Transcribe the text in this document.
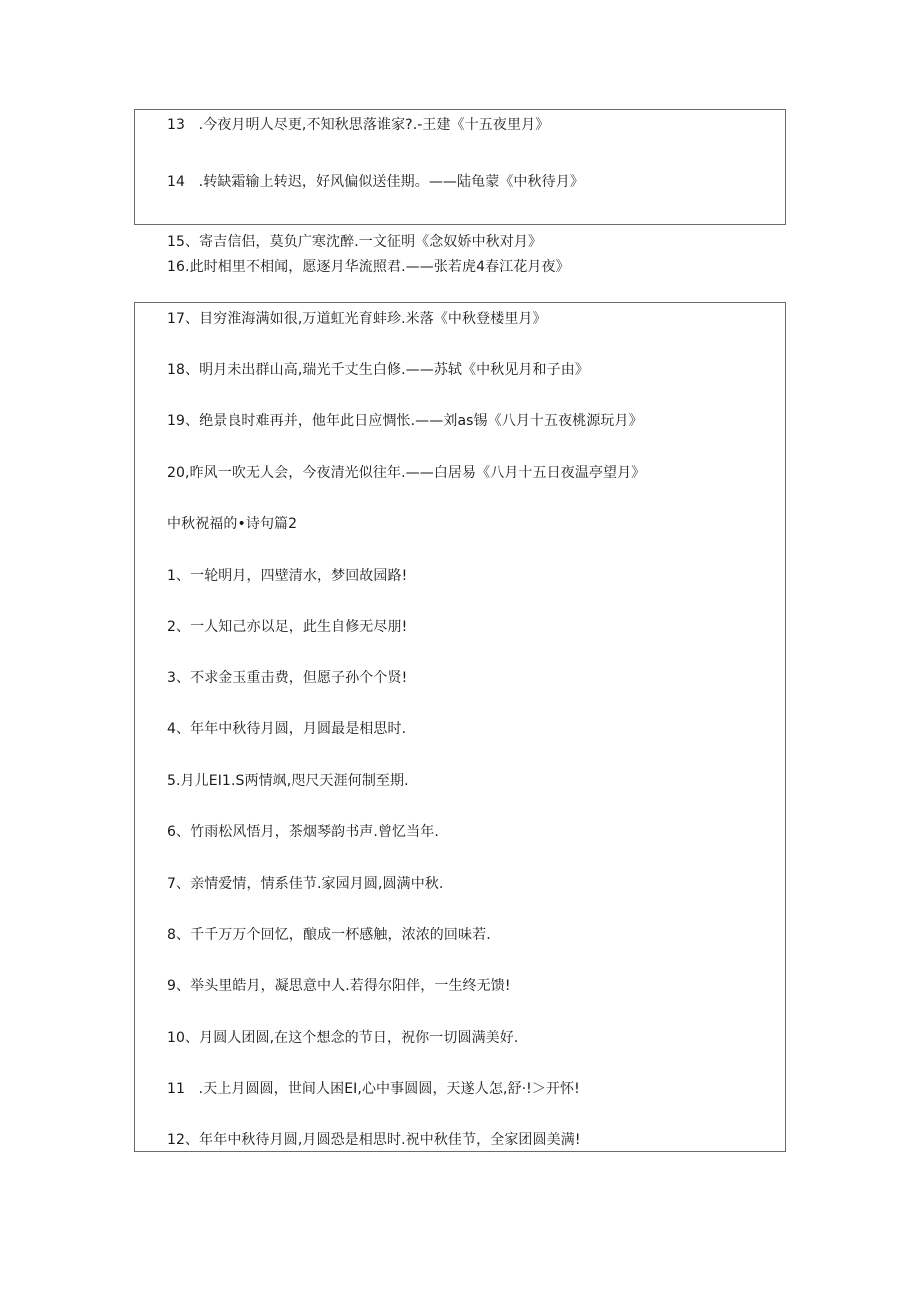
13   .今夜月明人尽更,不知秋思落谁家?.-王建《十五夜里月》
14   .转缺霜输上转迟，好风偏似送佳期。——陆龟蒙《中秋待月》
15、寄吉信侣，莫负广寒沈醉.一文征明《念奴娇中秋对月》
16.此时相里不相闻，愿逐月华流照君.——张若虎4春江花月夜》
17、目穷淮海满如很,万道虹光育蚌珍.米落《中秋登楼里月》
18、明月未出群山高,瑞光千丈生白修.——苏轼《中秋见月和子由》
19、绝景良时难再并，他年此日应惆怅.——刘as锡《八月十五夜桃源玩月》
20,昨风一吹无人会，今夜清光似往年.——白居易《八月十五日夜温亭望月》
中秋祝福的•诗句篇2
1、一轮明月，四壁清水，梦回故园路!
2、一人知己亦以足，此生自修无尽朋!
3、不求金玉重击费，但愿子孙个个贤!
4、年年中秋待月圆，月圆最是相思时.
5.月儿EI1.S两情飒,咫尺天涯何制至期.
6、竹雨松风悟月，茶烟琴韵书声.曾忆当年.
7、亲情爱情，情系佳节.家园月圆,圆满中秋.
8、千千万万个回忆，酿成一杯感触，浓浓的回味若.
9、举头里皓月，凝思意中人.若得尔阳伴，一生终无馈!
10、月圆人团圆,在这个想念的节日，祝你一切圆满美好.
11   .天上月圆圆，世间人困EI,心中事圆圆，天遂人怎,舒·!＞开怀!
12、年年中秋待月圆,月圆恐是相思时.祝中秋佳节，全家团圆美满!
